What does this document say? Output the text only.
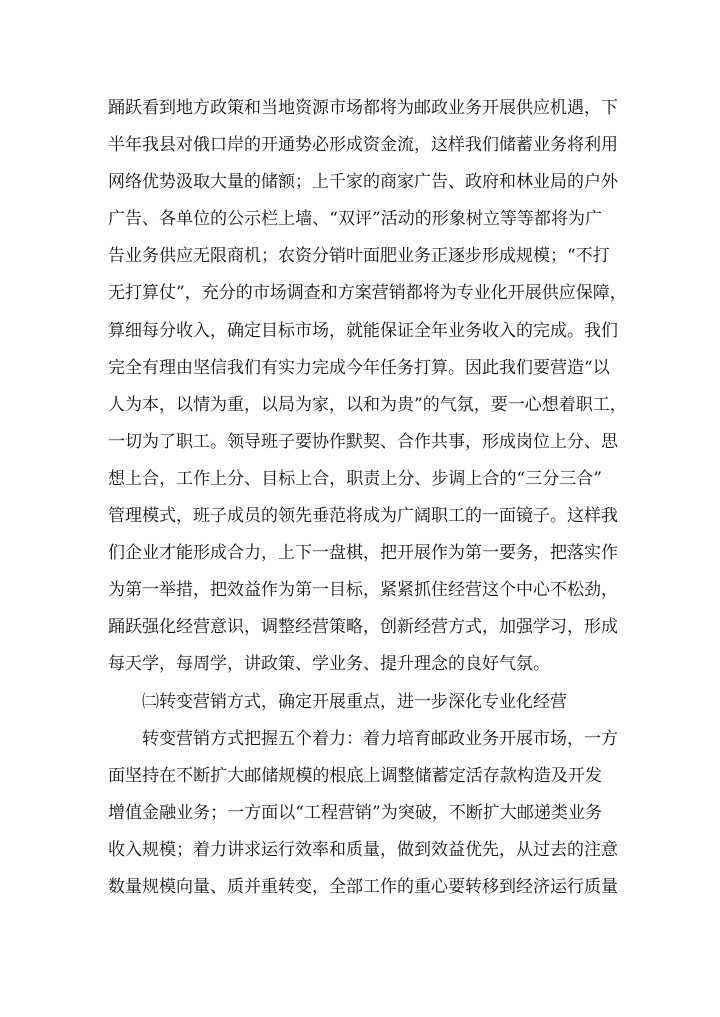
踊跃看到地方政策和当地资源市场都将为邮政业务开展供应机遇，下
半年我县对俄口岸的开通势必形成资金流，这样我们储蓄业务将利用
网络优势汲取大量的储额；上千家的商家广告、政府和林业局的户外
广告、各单位的公示栏上墙、“双评”活动的形象树立等等都将为广
告业务供应无限商机；农资分销叶面肥业务正逐步形成规模；“不打
无打算仗”，充分的市场调查和方案营销都将为专业化开展供应保障，
算细每分收入，确定目标市场，就能保证全年业务收入的完成。我们
完全有理由坚信我们有实力完成今年任务打算。因此我们要营造“以
人为本，以情为重，以局为家，以和为贵”的气氛，要一心想着职工，
一切为了职工。领导班子要协作默契、合作共事，形成岗位上分、思
想上合，工作上分、目标上合，职责上分、步调上合的“三分三合”
管理模式，班子成员的领先垂范将成为广阔职工的一面镜子。这样我
们企业才能形成合力，上下一盘棋，把开展作为第一要务，把落实作
为第一举措，把效益作为第一目标，紧紧抓住经营这个中心不松劲，
踊跃强化经营意识，调整经营策略，创新经营方式，加强学习，形成
每天学，每周学，讲政策、学业务、提升理念的良好气氛。
㈡转变营销方式，确定开展重点，进一步深化专业化经营
转变营销方式把握五个着力：着力培育邮政业务开展市场，一方
面坚持在不断扩大邮储规模的根底上调整储蓄定活存款构造及开发
增值金融业务；一方面以“工程营销”为突破，不断扩大邮递类业务
收入规模；着力讲求运行效率和质量，做到效益优先，从过去的注意
数量规模向量、质并重转变，全部工作的重心要转移到经济运行质量
